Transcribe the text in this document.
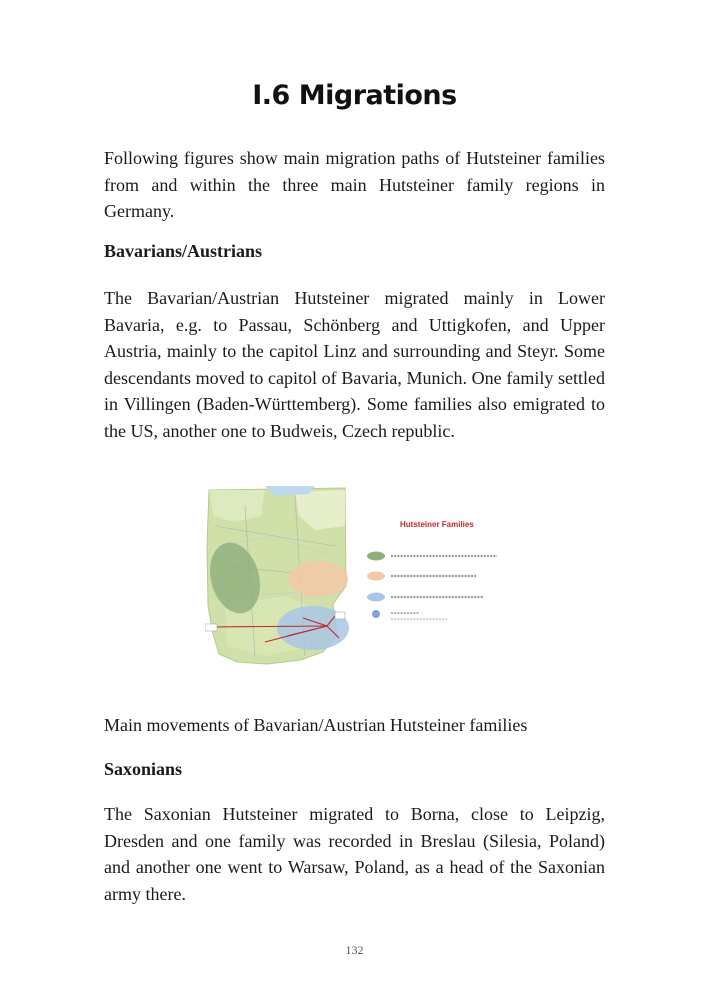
I.6 Migrations

Following figures show main migration paths of Hutsteiner families from and within the three main Hutsteiner family regions in Germany.

Bavarians/Austrians

The Bavarian/Austrian Hutsteiner migrated mainly in Lower Bavaria, e.g. to Passau, Schönberg and Uttigkofen, and Upper Austria, mainly to the capitol Linz and surrounding and Steyr. Some descendants moved to capitol of Bavaria, Munich. One family settled in Villingen (Baden-Württemberg). Some families also emigrated to the US, another one to Budweis, Czech republic.

Hutsteiner Families

Main movements of Bavarian/Austrian Hutsteiner families

Saxonians

The Saxonian Hutsteiner migrated to Borna, close to Leipzig, Dresden and one family was recorded in Breslau (Silesia, Poland) and another one went to Warsaw, Poland, as a head of the Saxonian army there.

132
